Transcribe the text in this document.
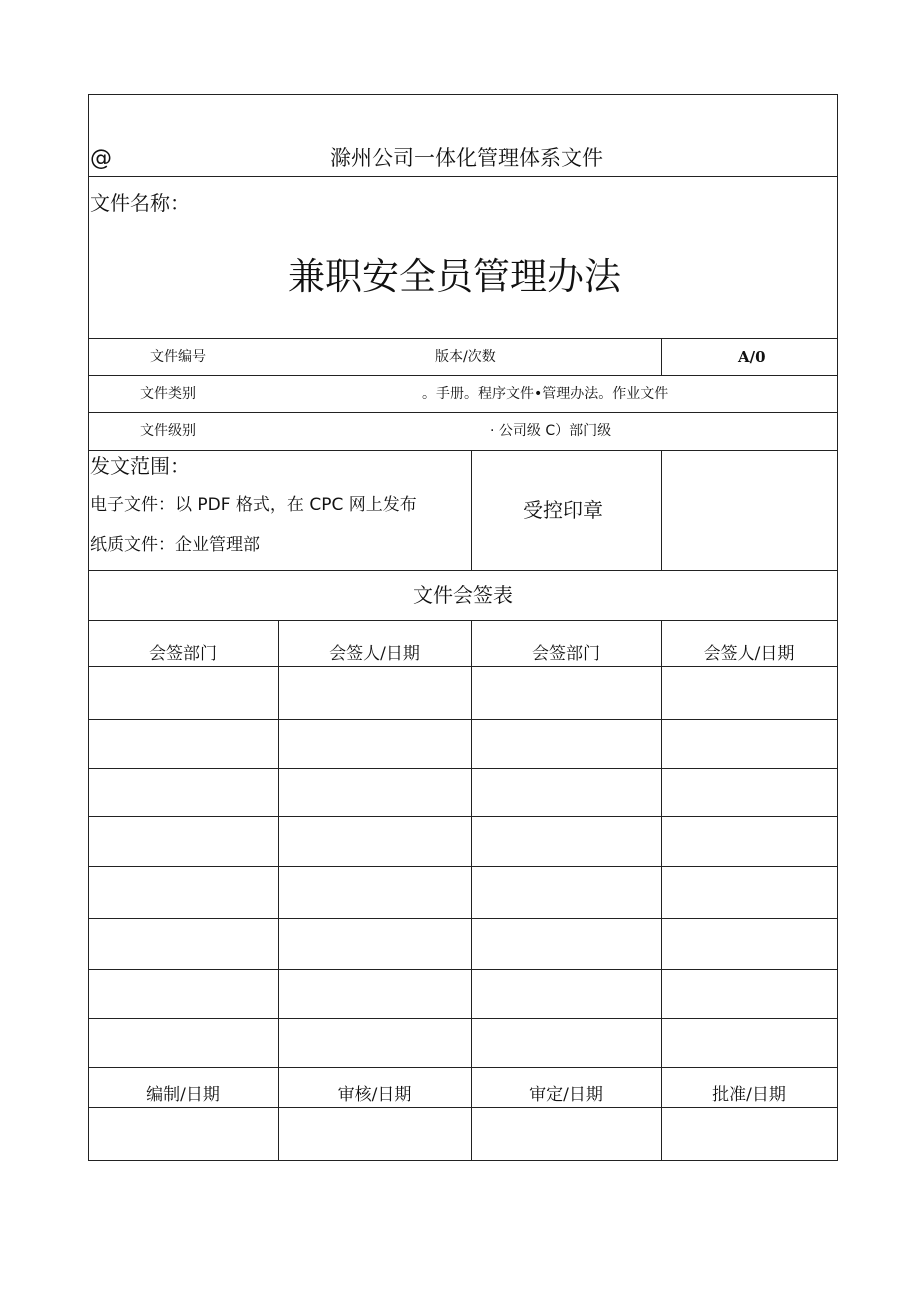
@	滁州公司一体化管理体系文件
文件名称：
兼职安全员管理办法
文件编号	版本/次数	A/0
文件类别	。手册。程序文件•管理办法。作业文件
文件级别	· 公司级 C）部门级
发文范围：
电子文件：以 PDF 格式，在 CPC 网上发布
纸质文件：企业管理部
受控印章
文件会签表
会签部门	会签人/日期	会签部门	会签人/日期
编制/日期	审核/日期	审定/日期	批准/日期
